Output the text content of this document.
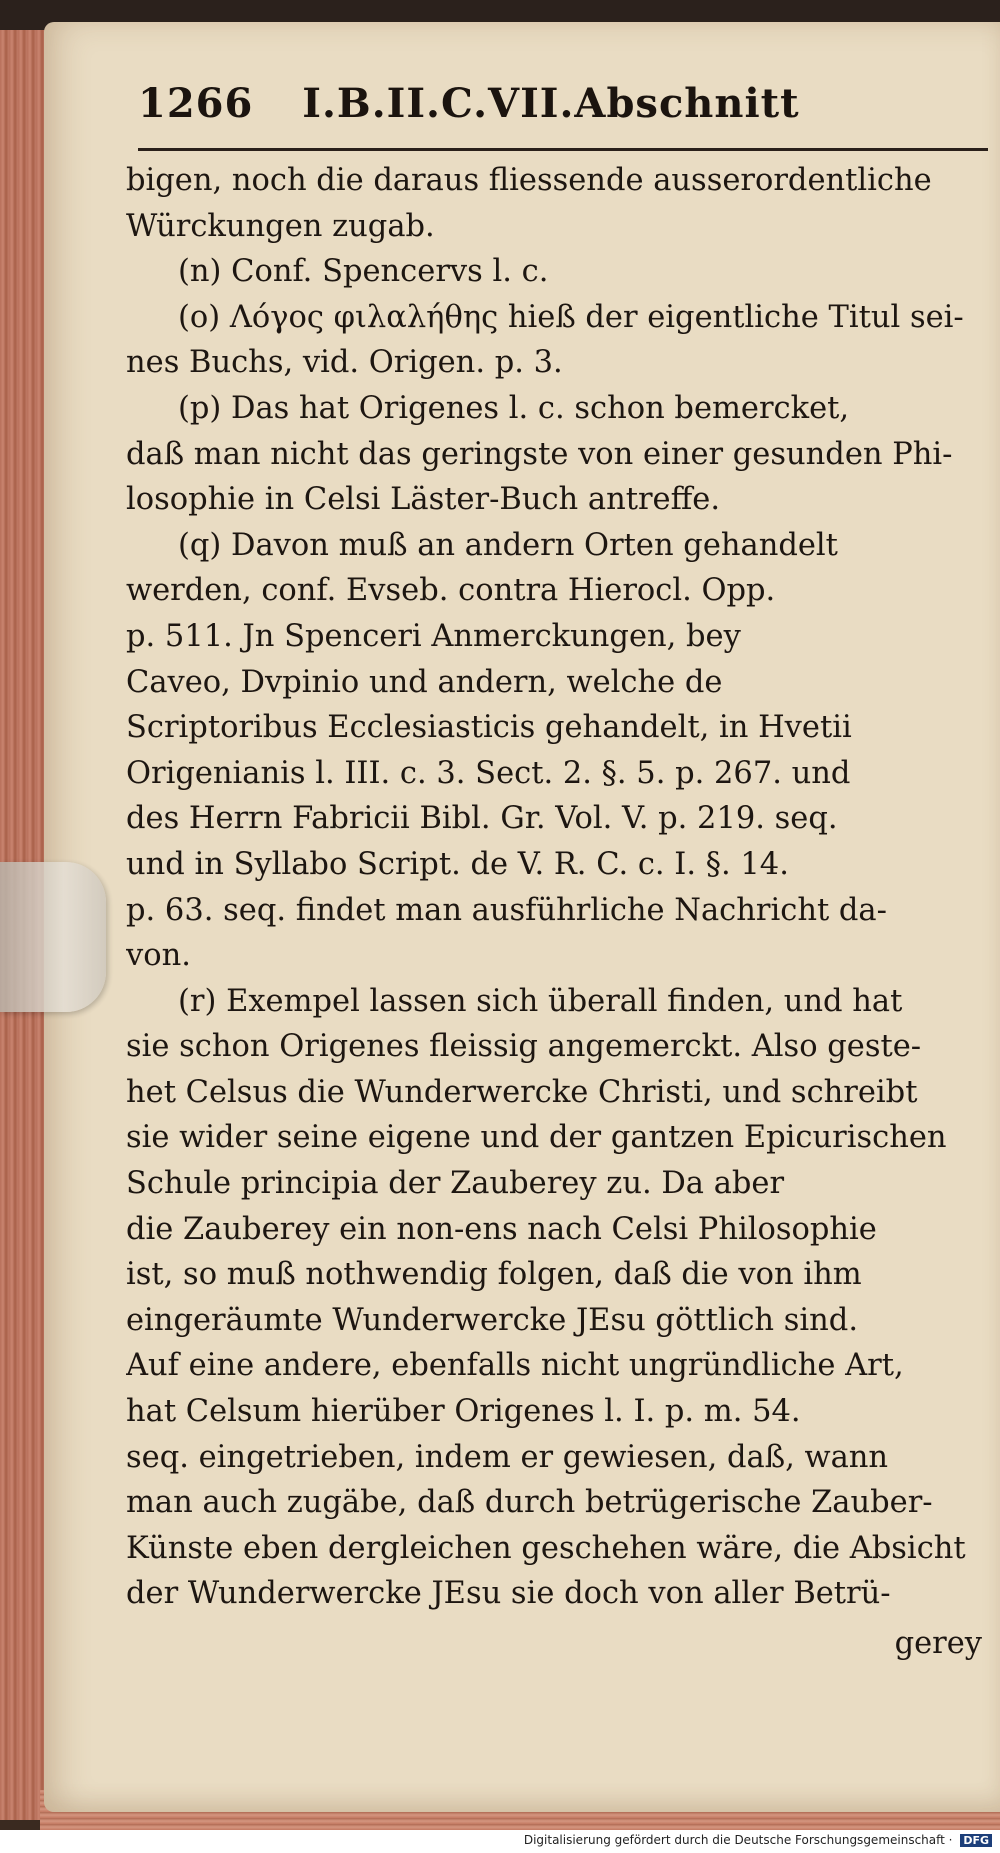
1266 I.B.II.C.VII.Abschnitt
bigen, noch die daraus fliessende ausserordentliche
Würckungen zugab.
(n) Conf. Spencervs l. c.
(o) Λόγος φιλαλήθης hieß der eigentliche Titul sei-
nes Buchs, vid. Origen. p. 3.
(p) Das hat Origenes l. c. schon bemercket,
daß man nicht das geringste von einer gesunden Phi-
losophie in Celsi Läster-Buch antreffe.
(q) Davon muß an andern Orten gehandelt
werden, conf. Evseb. contra Hierocl. Opp.
p. 511. Jn Spenceri Anmerckungen, bey
Caveo, Dvpinio und andern, welche de
Scriptoribus Ecclesiasticis gehandelt, in Hvetii
Origenianis l. III. c. 3. Sect. 2. §. 5. p. 267. und
des Herrn Fabricii Bibl. Gr. Vol. V. p. 219. seq.
und in Syllabo Script. de V. R. C. c. I. §. 14.
p. 63. seq. findet man ausführliche Nachricht da-
von.
(r) Exempel lassen sich überall finden, und hat
sie schon Origenes fleissig angemerckt. Also geste-
het Celsus die Wunderwercke Christi, und schreibt
sie wider seine eigene und der gantzen Epicurischen
Schule principia der Zauberey zu. Da aber
die Zauberey ein non-ens nach Celsi Philosophie
ist, so muß nothwendig folgen, daß die von ihm
eingeräumte Wunderwercke JEsu göttlich sind.
Auf eine andere, ebenfalls nicht ungründliche Art,
hat Celsum hierüber Origenes l. I. p. m. 54.
seq. eingetrieben, indem er gewiesen, daß, wann
man auch zugäbe, daß durch betrügerische Zauber-
Künste eben dergleichen geschehen wäre, die Absicht
der Wunderwercke JEsu sie doch von aller Betrü-
gerey
Digitalisierung gefördert durch die Deutsche Forschungsgemeinschaft · DFG
